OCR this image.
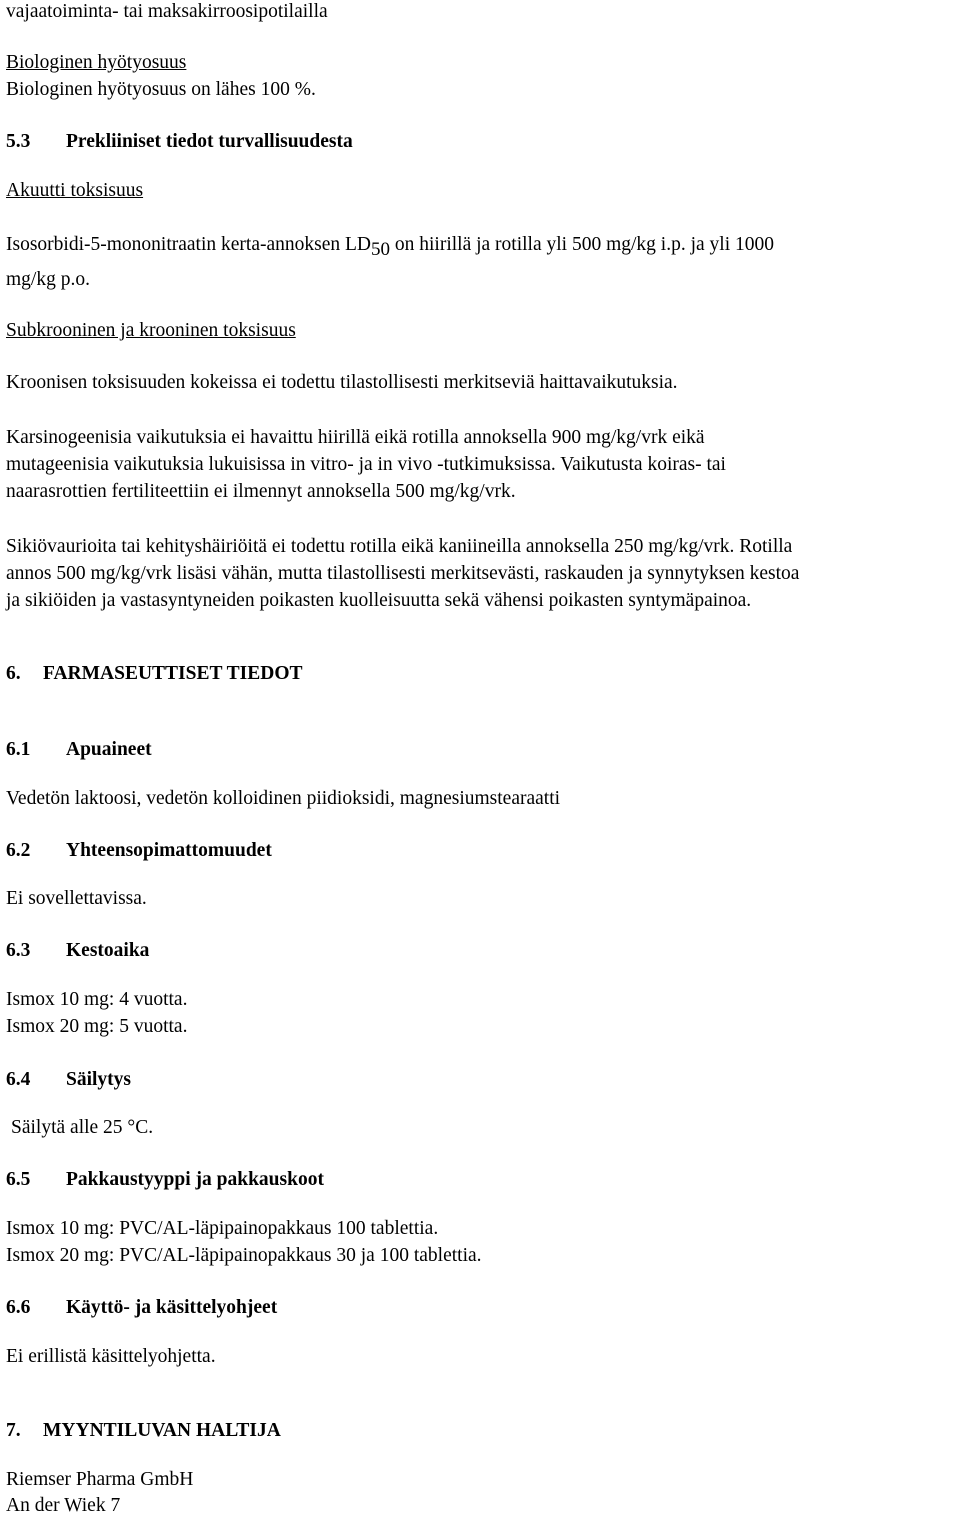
vajaatoiminta- tai maksakirroosipotilailla
Biologinen hyötyosuus
Biologinen hyötyosuus on lähes 100 %.
5.3 Prekliiniset tiedot turvallisuudesta
Akuutti toksisuus
Isosorbidi-5-mononitraatin kerta-annoksen $LD_{50}$ on hiirillä ja rotilla yli 500 mg/kg i.p. ja yli 1000
mg/kg p.o.
Subkrooninen ja krooninen toksisuus
Kroonisen toksisuuden kokeissa ei todettu tilastollisesti merkitseviä haittavaikutuksia.
Karsinogeenisia vaikutuksia ei havaittu hiirillä eikä rotilla annoksella 900 mg/kg/vrk eikä
mutageenisia vaikutuksia lukuisissa in vitro- ja in vivo -tutkimuksissa. Vaikutusta koiras- tai
naarasrottien fertiliteettiin ei ilmennyt annoksella 500 mg/kg/vrk.
Sikiövaurioita tai kehityshäiriöitä ei todettu rotilla eikä kaniineilla annoksella 250 mg/kg/vrk. Rotilla
annos 500 mg/kg/vrk lisäsi vähän, mutta tilastollisesti merkitsevästi, raskauden ja synnytyksen kestoa
ja sikiöiden ja vastasyntyneiden poikasten kuolleisuutta sekä vähensi poikasten syntymäpainoa.
6. FARMASEUTTISET TIEDOT
6.1 Apuaineet
Vedetön laktoosi, vedetön kolloidinen piidioksidi, magnesiumstearaatti
6.2 Yhteensopimattomuudet
Ei sovellettavissa.
6.3 Kestoaika
Ismox 10 mg: 4 vuotta.
Ismox 20 mg: 5 vuotta.
6.4 Säilytys
Säilytä alle 25 °C.
6.5 Pakkaustyyppi ja pakkauskoot
Ismox 10 mg: PVC/AL-läpipainopakkaus 100 tablettia.
Ismox 20 mg: PVC/AL-läpipainopakkaus 30 ja 100 tablettia.
6.6 Käyttö- ja käsittelyohjeet
Ei erillistä käsittelyohjetta.
7. MYYNTILUVAN HALTIJA
Riemser Pharma GmbH
An der Wiek 7
